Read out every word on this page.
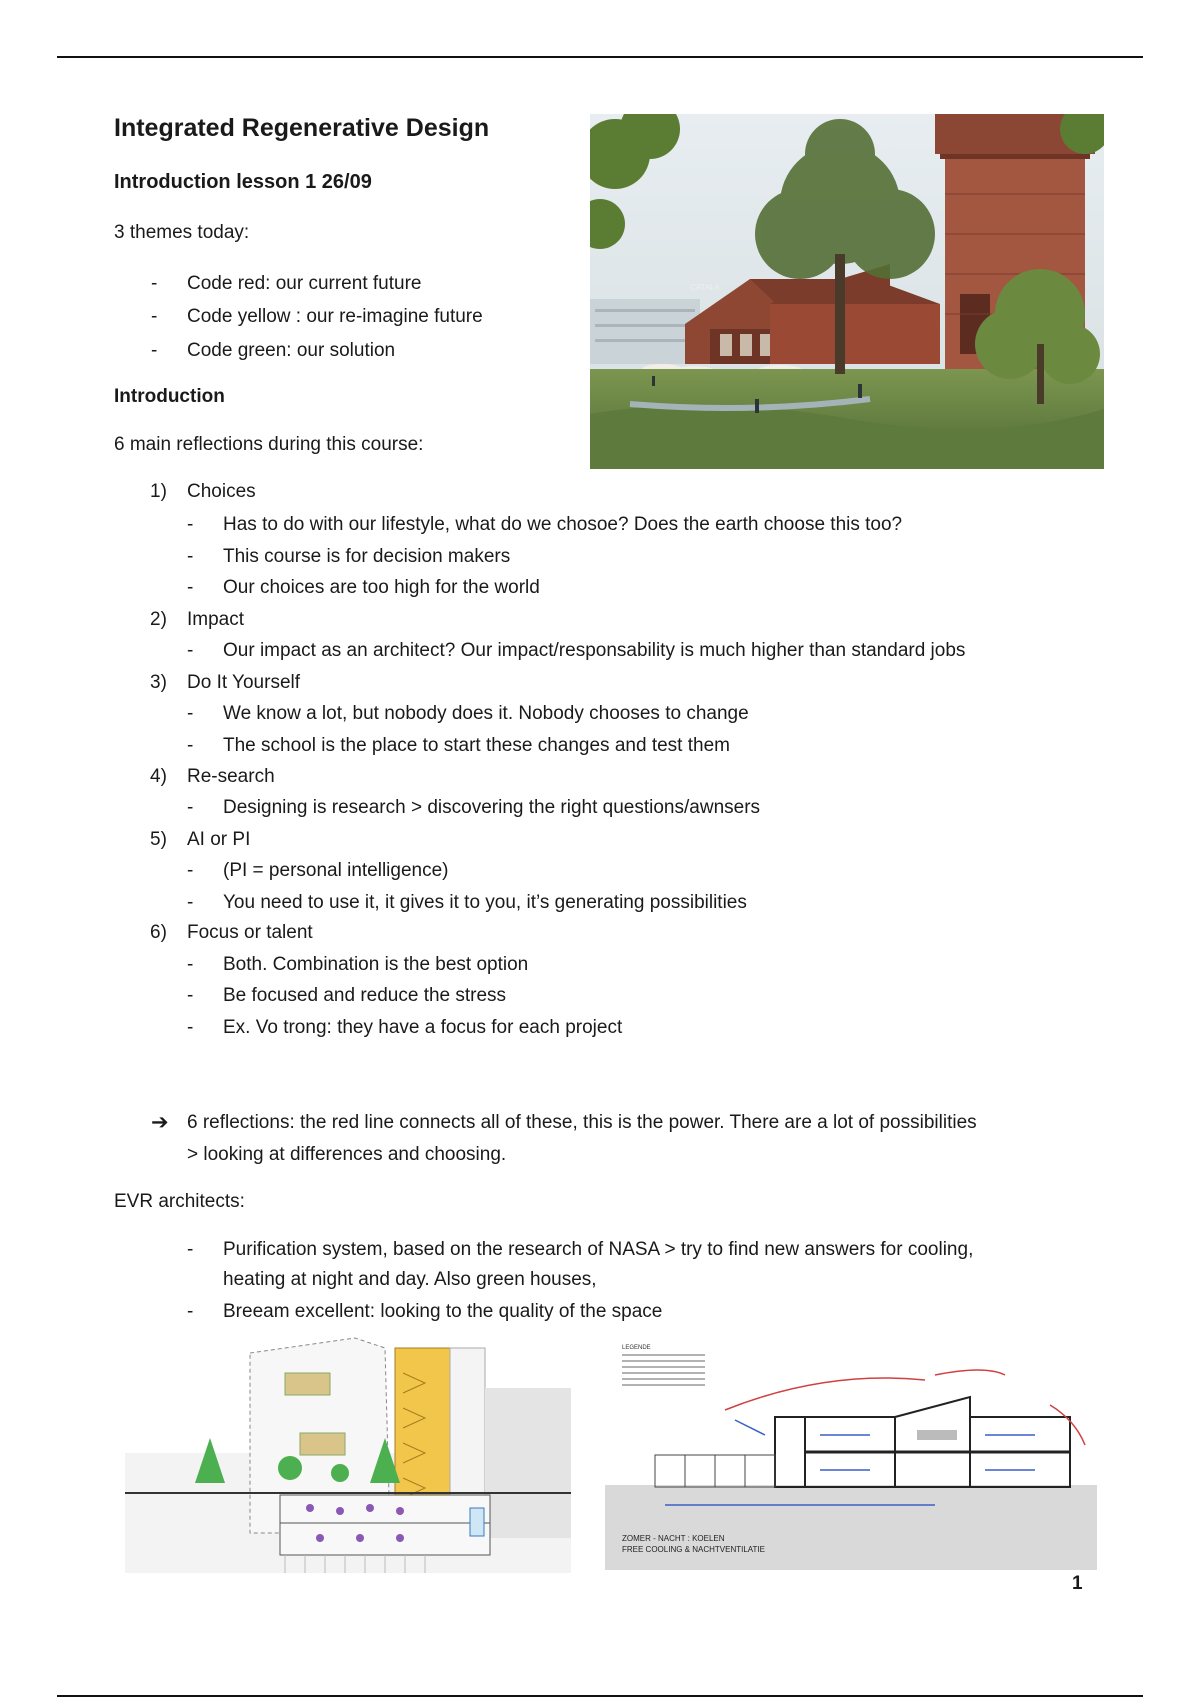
Integrated Regenerative Design
Introduction lesson 1 26/09
3 themes today:
- Code red: our current future
- Code yellow : our re-imagine future
- Code green: our solution
Introduction
6 main reflections during this course:
CATALA
1) Choices
- Has to do with our lifestyle, what do we chosoe? Does the earth choose this too?
- This course is for decision makers
- Our choices are too high for the world
2) Impact
- Our impact as an architect? Our impact/responsability is much higher than standard jobs
3) Do It Yourself
- We know a lot, but nobody does it. Nobody chooses to change
- The school is the place to start these changes and test them
4) Re-search
- Designing is research > discovering the right questions/awnsers
5) AI or PI
- (PI = personal intelligence)
- You need to use it, it gives it to you, it’s generating possibilities
6) Focus or talent
- Both. Combination is the best option
- Be focused and reduce the stress
- Ex. Vo trong: they have a focus for each project
➔ 6 reflections: the red line connects all of these, this is the power. There are a lot of possibilities
> looking at differences and choosing.
EVR architects:
- Purification system, based on the research of NASA > try to find new answers for cooling,
heating at night and day. Also green houses,
- Breeam excellent: looking to the quality of the space
LEGENDE
ZOMER - NACHT : KOELEN
FREE COOLING & NACHTVENTILATIE
1
